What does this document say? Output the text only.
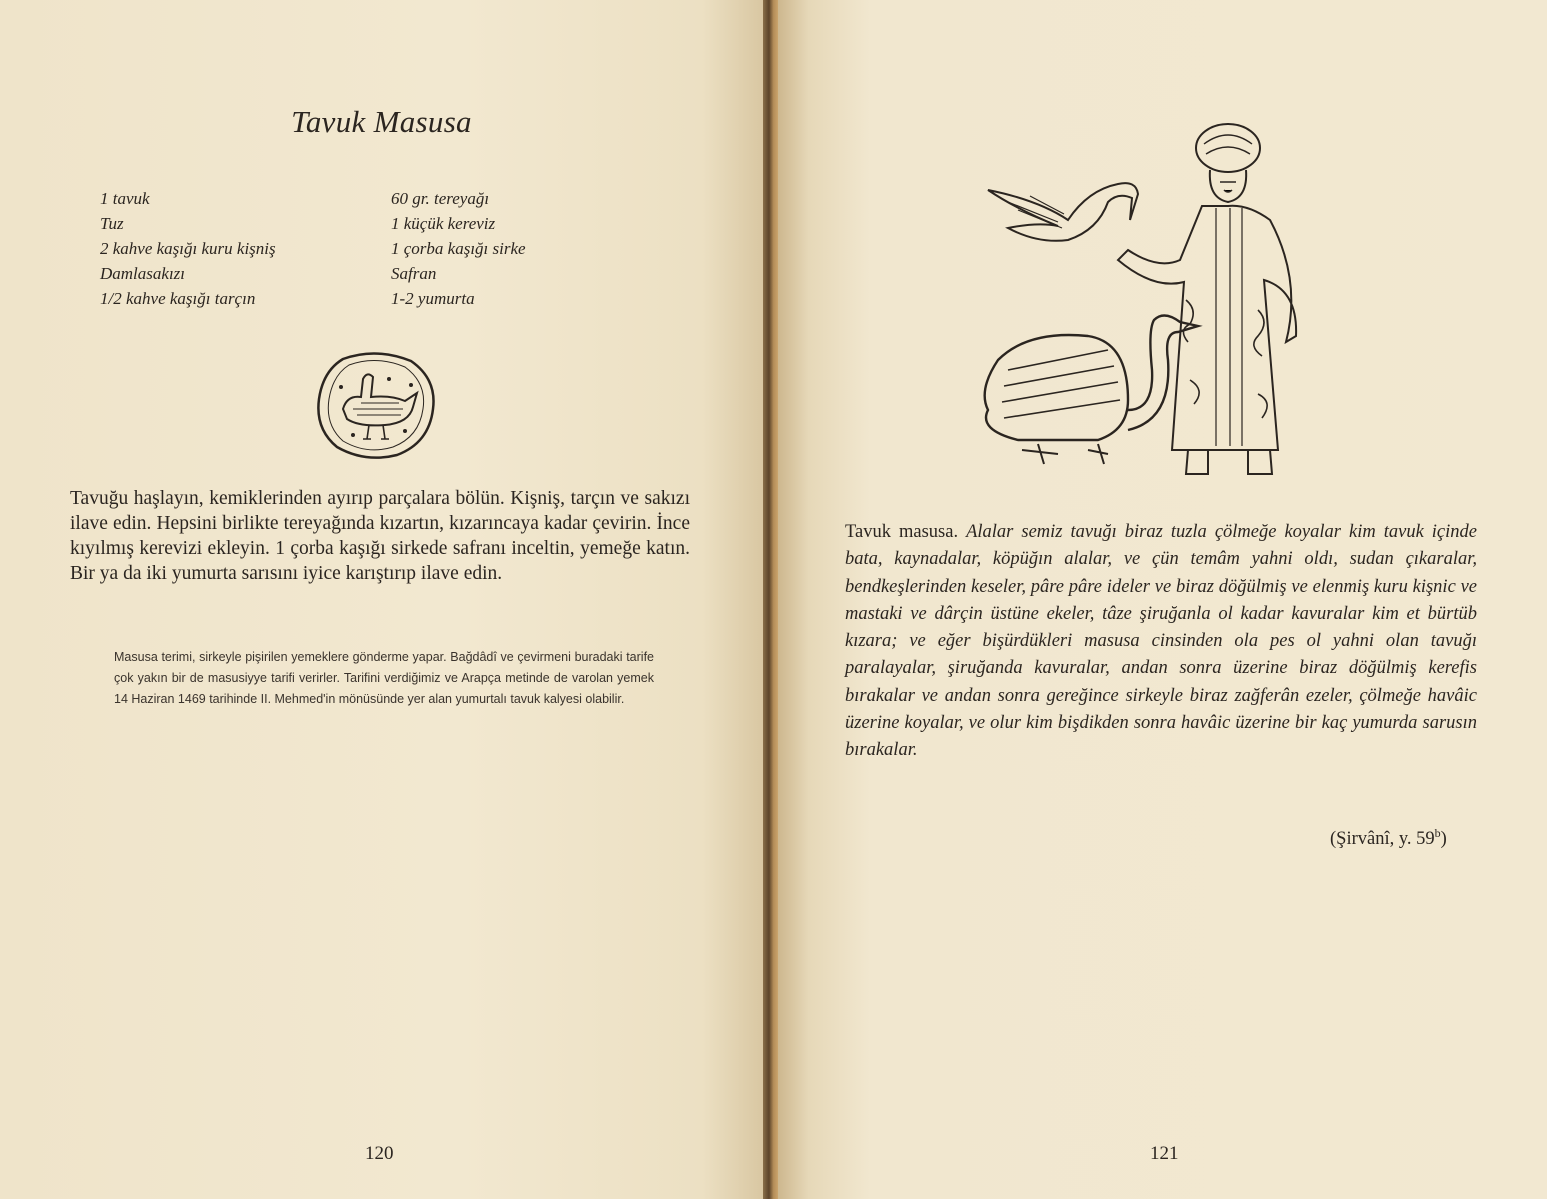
Tavuk Masusa
1 tavuk
Tuz
2 kahve kaşığı kuru kişniş
Damlasakızı
1/2 kahve kaşığı tarçın
60 gr. tereyağı
1 küçük kereviz
1 çorba kaşığı sirke
Safran
1-2 yumurta

Tavuğu haşlayın, kemiklerinden ayırıp parçalara bölün. Kişniş, tarçın ve sakızı ilave edin. Hepsini birlikte tereyağında kızartın, kızarıncaya kadar çevirin. İnce kıyılmış kerevizi ekleyin. 1 çorba kaşığı sirkede safranı inceltin, yemeğe katın. Bir ya da iki yumurta sarısını iyice karıştırıp ilave edin.

Masusa terimi, sirkeyle pişirilen yemeklere gönderme yapar. Bağdâdî ve çevirmeni buradaki tarife çok yakın bir de masusiyye tarifi verirler. Tarifini verdiğimiz ve Arapça metinde de varolan yemek 14 Haziran 1469 tarihinde II. Mehmed'in mönüsünde yer alan yumurtalı tavuk kalyesi olabilir.

120

Tavuk masusa. Alalar semiz tavuğı biraz tuzla çölmeğe koyalar kim tavuk içinde bata, kaynadalar, köpüğın alalar, ve çün temâm yahni oldı, sudan çıkaralar, bendkeşlerinden keseler, pâre pâre ideler ve biraz döğülmiş ve elenmiş kuru kişnic ve mastaki ve dârçin üstüne ekeler, tâze şiruğanla ol kadar kavuralar kim et bürtüb kızara; ve eğer bişürdükleri masusa cinsinden ola pes ol yahni olan tavuğı paralayalar, şiruğanda kavuralar, andan sonra üzerine biraz döğülmiş kerefis bırakalar ve andan sonra gereğince sirkeyle biraz zağferân ezeler, çölmeğe havâic üzerine koyalar, ve olur kim bişdikden sonra havâic üzerine bir kaç yumurda sarusın bırakalar.

(Şirvânî, y. 59$^b$)
121
